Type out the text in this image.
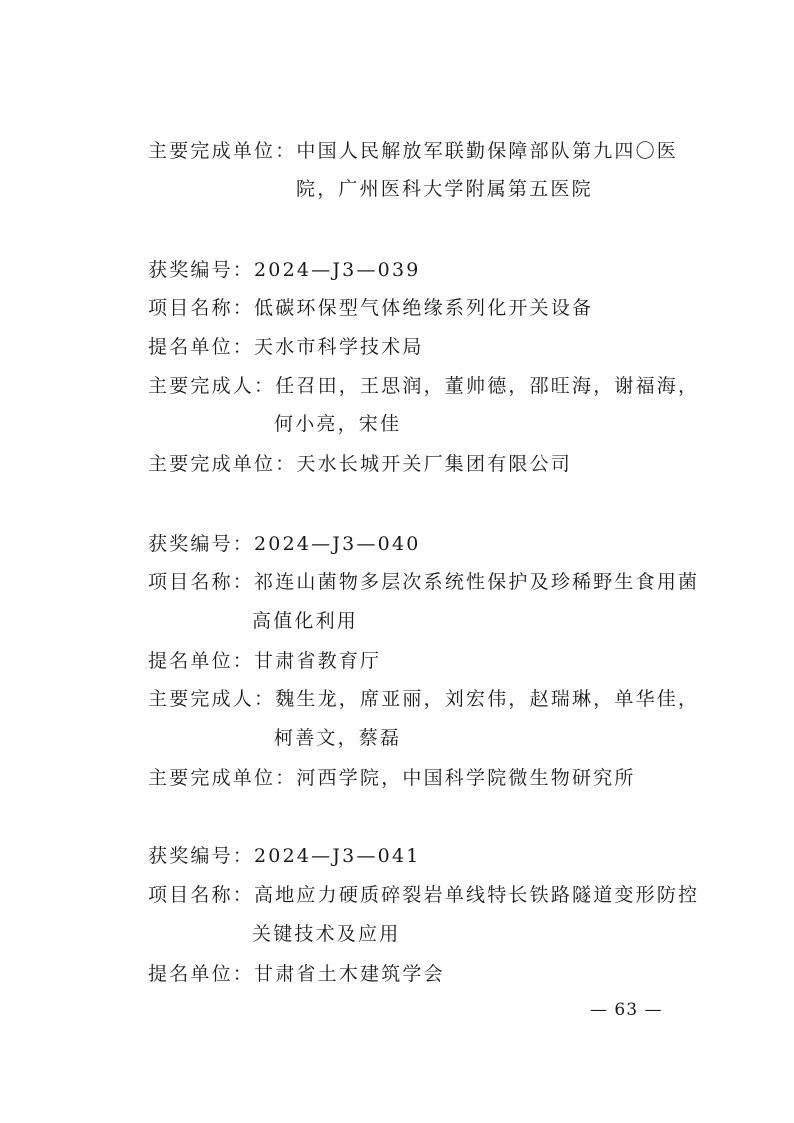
主要完成单位：中国人民解放军联勤保障部队第九四〇医
院，广州医科大学附属第五医院
获奖编号：2024—J3—039
项目名称：低碳环保型气体绝缘系列化开关设备
提名单位：天水市科学技术局
主要完成人：任召田，王思润，董帅德，邵旺海，谢福海，
何小亮，宋佳
主要完成单位：天水长城开关厂集团有限公司
获奖编号：2024—J3—040
项目名称：祁连山菌物多层次系统性保护及珍稀野生食用菌
高值化利用
提名单位：甘肃省教育厅
主要完成人：魏生龙，席亚丽，刘宏伟，赵瑞琳，单华佳，
柯善文，蔡磊
主要完成单位：河西学院，中国科学院微生物研究所
获奖编号：2024—J3—041
项目名称：高地应力硬质碎裂岩单线特长铁路隧道变形防控
关键技术及应用
提名单位：甘肃省土木建筑学会
— 63 —
